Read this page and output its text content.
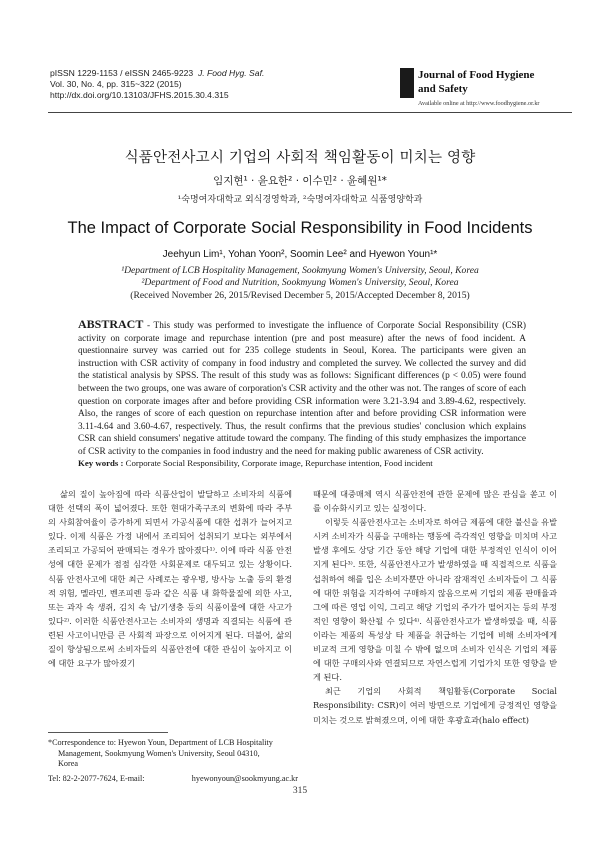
pISSN 1229-1153 / eISSN 2465-9223 J. Food Hyg. Saf.
Vol. 30, No. 4, pp. 315~322 (2015)
http://dx.doi.org/10.13103/JFHS.2015.30.4.315
Journal of Food Hygiene
and Safety
Available online at http://www.foodhygiene.or.kr
식품안전사고시 기업의 사회적 책임활동이 미치는 영향
임지현¹ · 윤요한² · 이수민² · 윤혜원¹*
¹숙명여자대학교 외식경영학과, ²숙명여자대학교 식품영양학과
The Impact of Corporate Social Responsibility in Food Incidents
Jeehyun Lim¹, Yohan Yoon², Soomin Lee² and Hyewon Youn¹*
¹Department of LCB Hospitality Management, Sookmyung Women's University, Seoul, Korea
²Department of Food and Nutrition, Sookmyung Women's University, Seoul, Korea
(Received November 26, 2015/Revised December 5, 2015/Accepted December 8, 2015)
ABSTRACT - This study was performed to investigate the influence of Corporate Social Responsibility (CSR) activity on corporate image and repurchase intention (pre and post measure) after the news of food incident. A questionnaire survey was carried out for 235 college students in Seoul, Korea. The participants were given an instruction with CSR activity of company in food industry and completed the survey. We collected the survey and did the statistical analysis by SPSS. The result of this study was as follows: Significant differences (p < 0.05) were found between the two groups, one was aware of corporation's CSR activity and the other was not. The ranges of score of each question on corporate images after and before providing CSR information were 3.21-3.94 and 3.89-4.62, respectively. Also, the ranges of score of each question on repurchase intention after and before providing CSR information were 3.11-4.64 and 3.60-4.67, respectively. Thus, the result confirms that the previous studies' conclusion which explains CSR can shield consumers' negative attitude toward the company. The finding of this study emphasizes the importance of CSR activity to the companies in food industry and the need for making public awareness of CSR activity.
Key words : Corporate Social Responsibility, Corporate image, Repurchase intention, Food incident

삶의 질이 높아짐에 따라 식품산업이 발달하고 소비자의 식품에 대한 선택의 폭이 넓어졌다. 또한 현대가족구조의 변화에 따라 주부의 사회참여율이 증가하게 되면서 가공식품에 대한 섭취가 늘어지고 있다. 이제 식품은 가정 내에서 조리되어 섭취되기 보다는 외부에서 조리되고 가공되어 판매되는 경우가 많아졌다¹⁾. 이에 따라 식품 안전성에 대한 문제가 점점 심각한 사회문제로 대두되고 있는 상황이다. 식품 안전사고에 대한 최근 사례로는 광우병, 방사능 노출 등의 환경적 위험, 멜라민, 벤조피렌 등과 같은 식품 내 화학물질에 의한 사고, 또는 과자 속 생쥐, 김치 속 납/기생충 등의 식품이물에 대한 사고가 있다²⁾. 이러한 식품안전사고는 소비자의 생명과 직결되는 식품에 관련된 사고이니만큼 큰 사회적 파장으로 이어지게 된다. 더불어, 삶의 질이 향상됨으로써 소비자들의 식품안전에 대한 관심이 높아지고 이에 대한 요구가 많아졌기

때문에 대중매체 역시 식품안전에 관한 문제에 많은 관심을 쏟고 이를 이슈화시키고 있는 실정이다.

이렇듯 식품안전사고는 소비자로 하여금 제품에 대한 불신을 유발시켜 소비자가 식품을 구매하는 행동에 즉각적인 영향을 미치며 사고 발생 후에도 상당 기간 동안 해당 기업에 대한 부정적인 인식이 이어지게 된다³⁾. 또한, 식품안전사고가 발생하였을 때 직접적으로 식품을 섭취하여 해를 입은 소비자뿐만 아니라 잠재적인 소비자들이 그 식품에 대한 위험을 지각하여 구매하지 않음으로써 기업의 제품 판매율과 그에 따른 영업 이익, 그리고 해당 기업의 주가가 떨어지는 등의 부정적인 영향이 확산될 수 있다⁴⁾. 식품안전사고가 발생하였을 때, 식품이라는 제품의 특성상 타 제품을 취급하는 기업에 비해 소비자에게 비교적 크게 영향을 미칠 수 밖에 없으며 소비자 인식은 기업의 제품에 대한 구매의사와 연결되므로 자연스럽게 기업가치 또한 영향을 받게 된다.

최근 기업의 사회적 책임활동(Corporate Social Responsibility: CSR)이 여러 방면으로 기업에게 긍정적인 영향을 미치는 것으로 밝혀졌으며, 이에 대한 후광효과(halo effect)

*Correspondence to: Hyewon Youn, Department of LCB Hospitality
Management, Sookmyung Women's University, Seoul 04310,
Korea
Tel: 82-2-2077-7624, E-mail:	hyewonyoun@sookmyung.ac.kr
315
